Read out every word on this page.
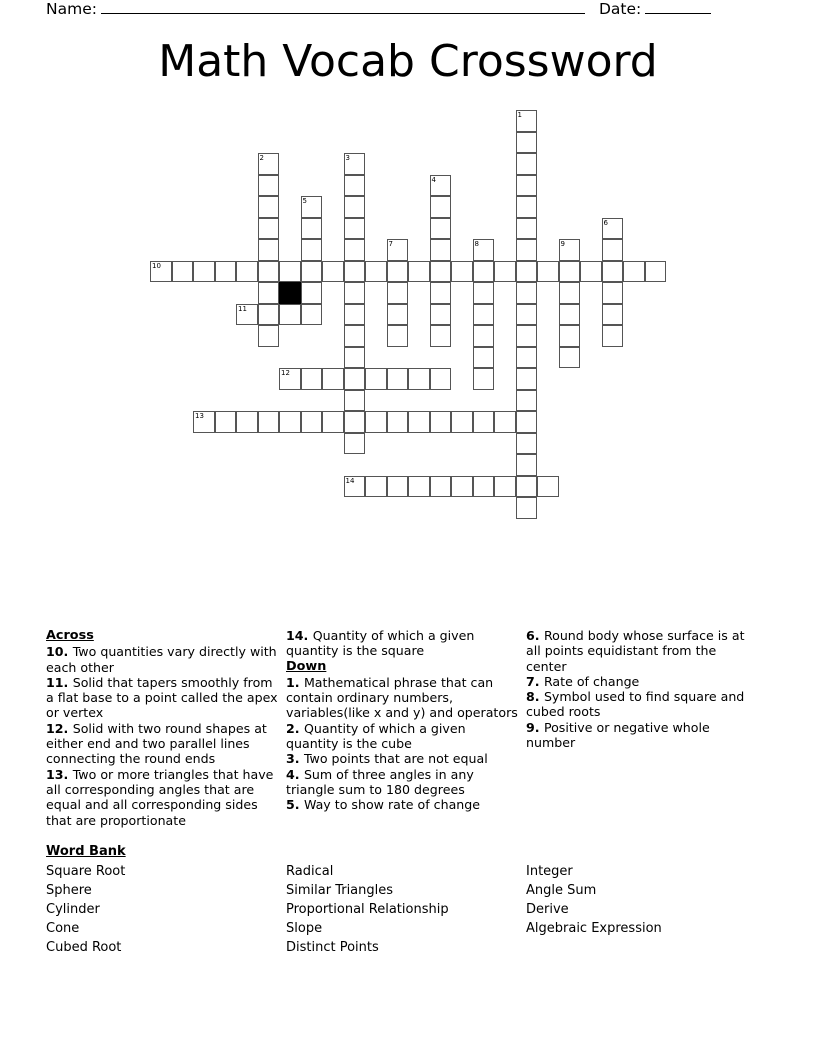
Name:	Date:
Math Vocab Crossword
1
2	3
4
5
6
7	8	9
10
11
12
13
14
Across

10. Two quantities vary directly with each other

11. Solid that tapers smoothly from a flat base to a point called the apex or vertex

12. Solid with two round shapes at either end and two parallel lines connecting the round ends

13. Two or more triangles that have all corresponding angles that are equal and all corresponding sides that are proportionate

14. Quantity of which a given quantity is the square

Down

1. Mathematical phrase that can contain ordinary numbers, variables(like x and y) and operators

2. Quantity of which a given quantity is the cube

3. Two points that are not equal

4. Sum of three angles in any triangle sum to 180 degrees

5. Way to show rate of change

6. Round body whose surface is at all points equidistant from the center

7. Rate of change

8. Symbol used to find square and cubed roots

9. Positive or negative whole number

Word Bank
Square Root
Sphere
Cylinder
Cone
Cubed Root
Radical
Similar Triangles
Proportional Relationship
Slope
Distinct Points
Integer
Angle Sum
Derive
Algebraic Expression
